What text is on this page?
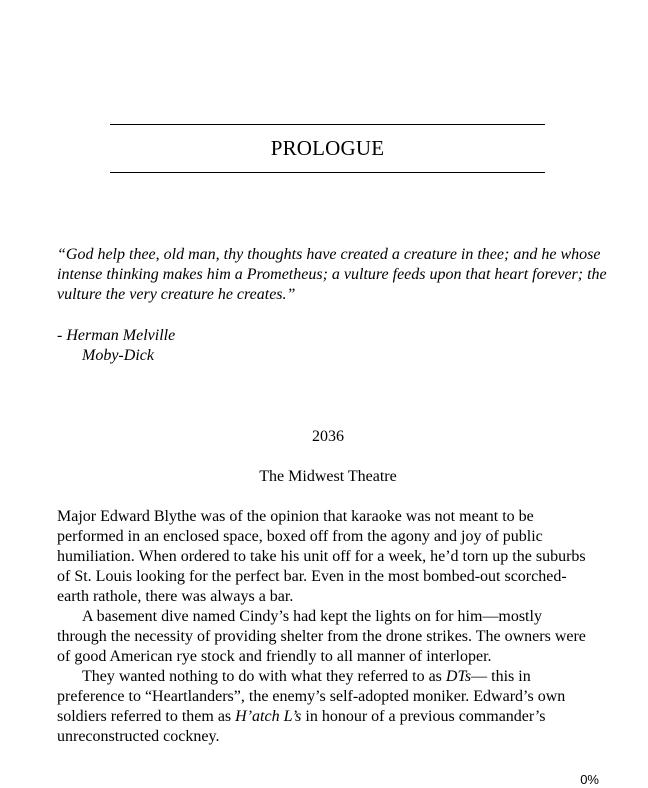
PROLOGUE

“God help thee, old man, thy thoughts have created a creature in thee; and he whose intense thinking makes him a Prometheus; a vulture feeds upon that heart forever; the vulture the very creature he creates.”

- Herman Melville
Moby-Dick
2036
The Midwest Theatre

Major Edward Blythe was of the opinion that karaoke was not meant to be performed in an enclosed space, boxed off from the agony and joy of public humiliation. When ordered to take his unit off for a week, he’d torn up the suburbs of St. Louis looking for the perfect bar. Even in the most bombed-out scorched-earth rathole, there was always a bar.

A basement dive named Cindy’s had kept the lights on for him—mostly through the necessity of providing shelter from the drone strikes. The owners were of good American rye stock and friendly to all manner of interloper.

They wanted nothing to do with what they referred to as DTs— this in preference to “Heartlanders”, the enemy’s self-adopted moniker. Edward’s own soldiers referred to them as H’atch L’s in honour of a previous commander’s unreconstructed cockney.

0%
